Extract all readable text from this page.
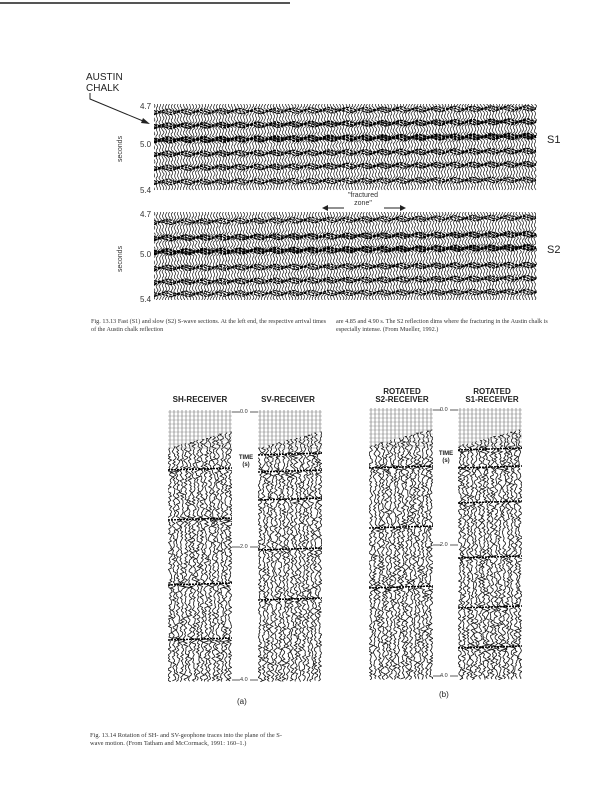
AUSTIN
CHALK
4.7
5.0
5.4
seconds	S1
"fractured
zone"
4.7
5.0
5.4
seconds	S2
Fig. 13.13 Fast (S1) and slow (S2) S-wave sections. At the left end, the respective arrival times of the Austin chalk reflection
are 4.85 and 4.90 s. The S2 reflection dims where the fracturing in the Austin chalk is especially intense. (From Mueller, 1992.)
SH-RECEIVER	SV-RECEIVER
0.0
TIME
(s)
2.0
4.0
(a)
ROTATED
S2-RECEIVER
ROTATED
S1-RECEIVER
0.0
TIME
(s)
2.0
4.0
(b)
Fig. 13.14 Rotation of SH- and SV-geophone traces into the plane of the S-wave motion. (From Tatham and McCormack, 1991: 160–1.)
